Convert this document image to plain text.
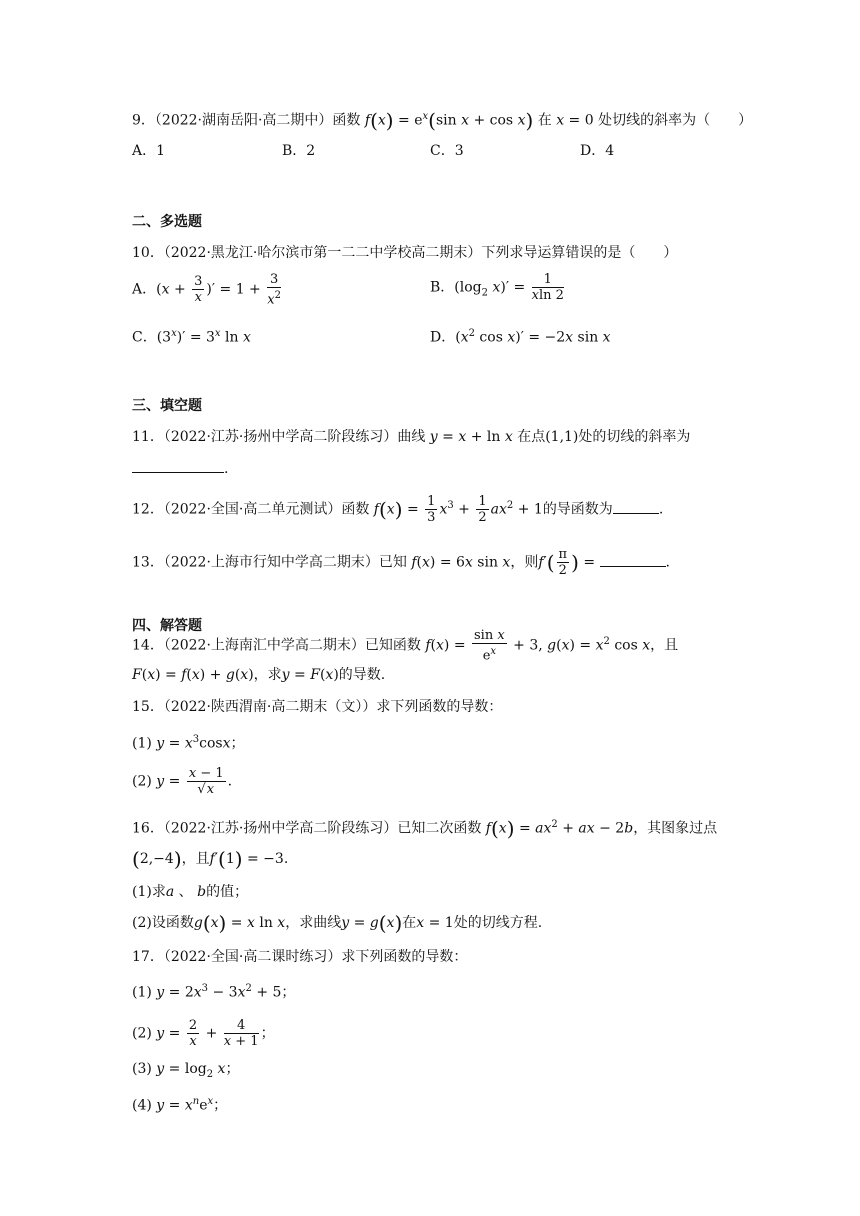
9．（2022·湖南岳阳·高二期中）函数 $f(x) = e^x(\sin$ x + cos x) 在 x = 0 处切线的斜率为（　　）
A．1	B．2	C．3	D．4
二、多选题
10．（2022·黑龙江·哈尔滨市第一二二中学校高二期末）下列求导运算错误的是（　　）
A．($x + \frac{3}{x}$ )′ = $1 + \frac{3}{x^2}$	B．($\log_2$ $x)' = \frac{1}{xln 2}$
C．$(3^x)' = 3^x$ ln x	D．($x^2$ cos x)′ = −2x sin x
三、填空题
11．（2022·江苏·扬州中学高二阶段练习）曲线 y = x + ln x 在点(1,1)处的切线的斜率为
.
12．（2022·全国·高二单元测试）函数 $f(x) = \frac{1}{3} x^3 + \frac{1}{2} ax^2 + 1$的导函数为	.
13．（2022·上海市行知中学高二期末）已知 f(x) = 6x sin x，则$f'( \frac{\pi}{2}$ ) =	.
四、解答题
14．（2022·上海南汇中学高二期末）已知函数 $f(x) = \frac{\text{sin x}}{e^x} + 3$, $g(x) = x^2$ cos x，且
F(x) = f(x) + g(x)，求y = F(x)的导数.
15．（2022·陕西渭南·高二期末（文））求下列函数的导数：
(1) $y = x^3\cos x$；
(2) $y = \frac{x - 1}{√x}$ .
16．（2022·江苏·扬州中学高二阶段练习）已知二次函数 $f(x) = ax^2$ + ax − 2b，其图象过点
(2,−4)，且f′(1) = −3.
(1)求a 、 b的值；
(2)设函数g(x) = x ln x，求曲线y = g(x)在x = 1处的切线方程.
17．（2022·全国·高二课时练习）求下列函数的导数：
(1) $y = 2x^3 - 3x^2 + 5$；
(2) $y = \frac{2}{x} + \frac{4}{x + 1}$ ；
(3) $y = \log_2 x$；
(4) $y = x^ne^x$；
